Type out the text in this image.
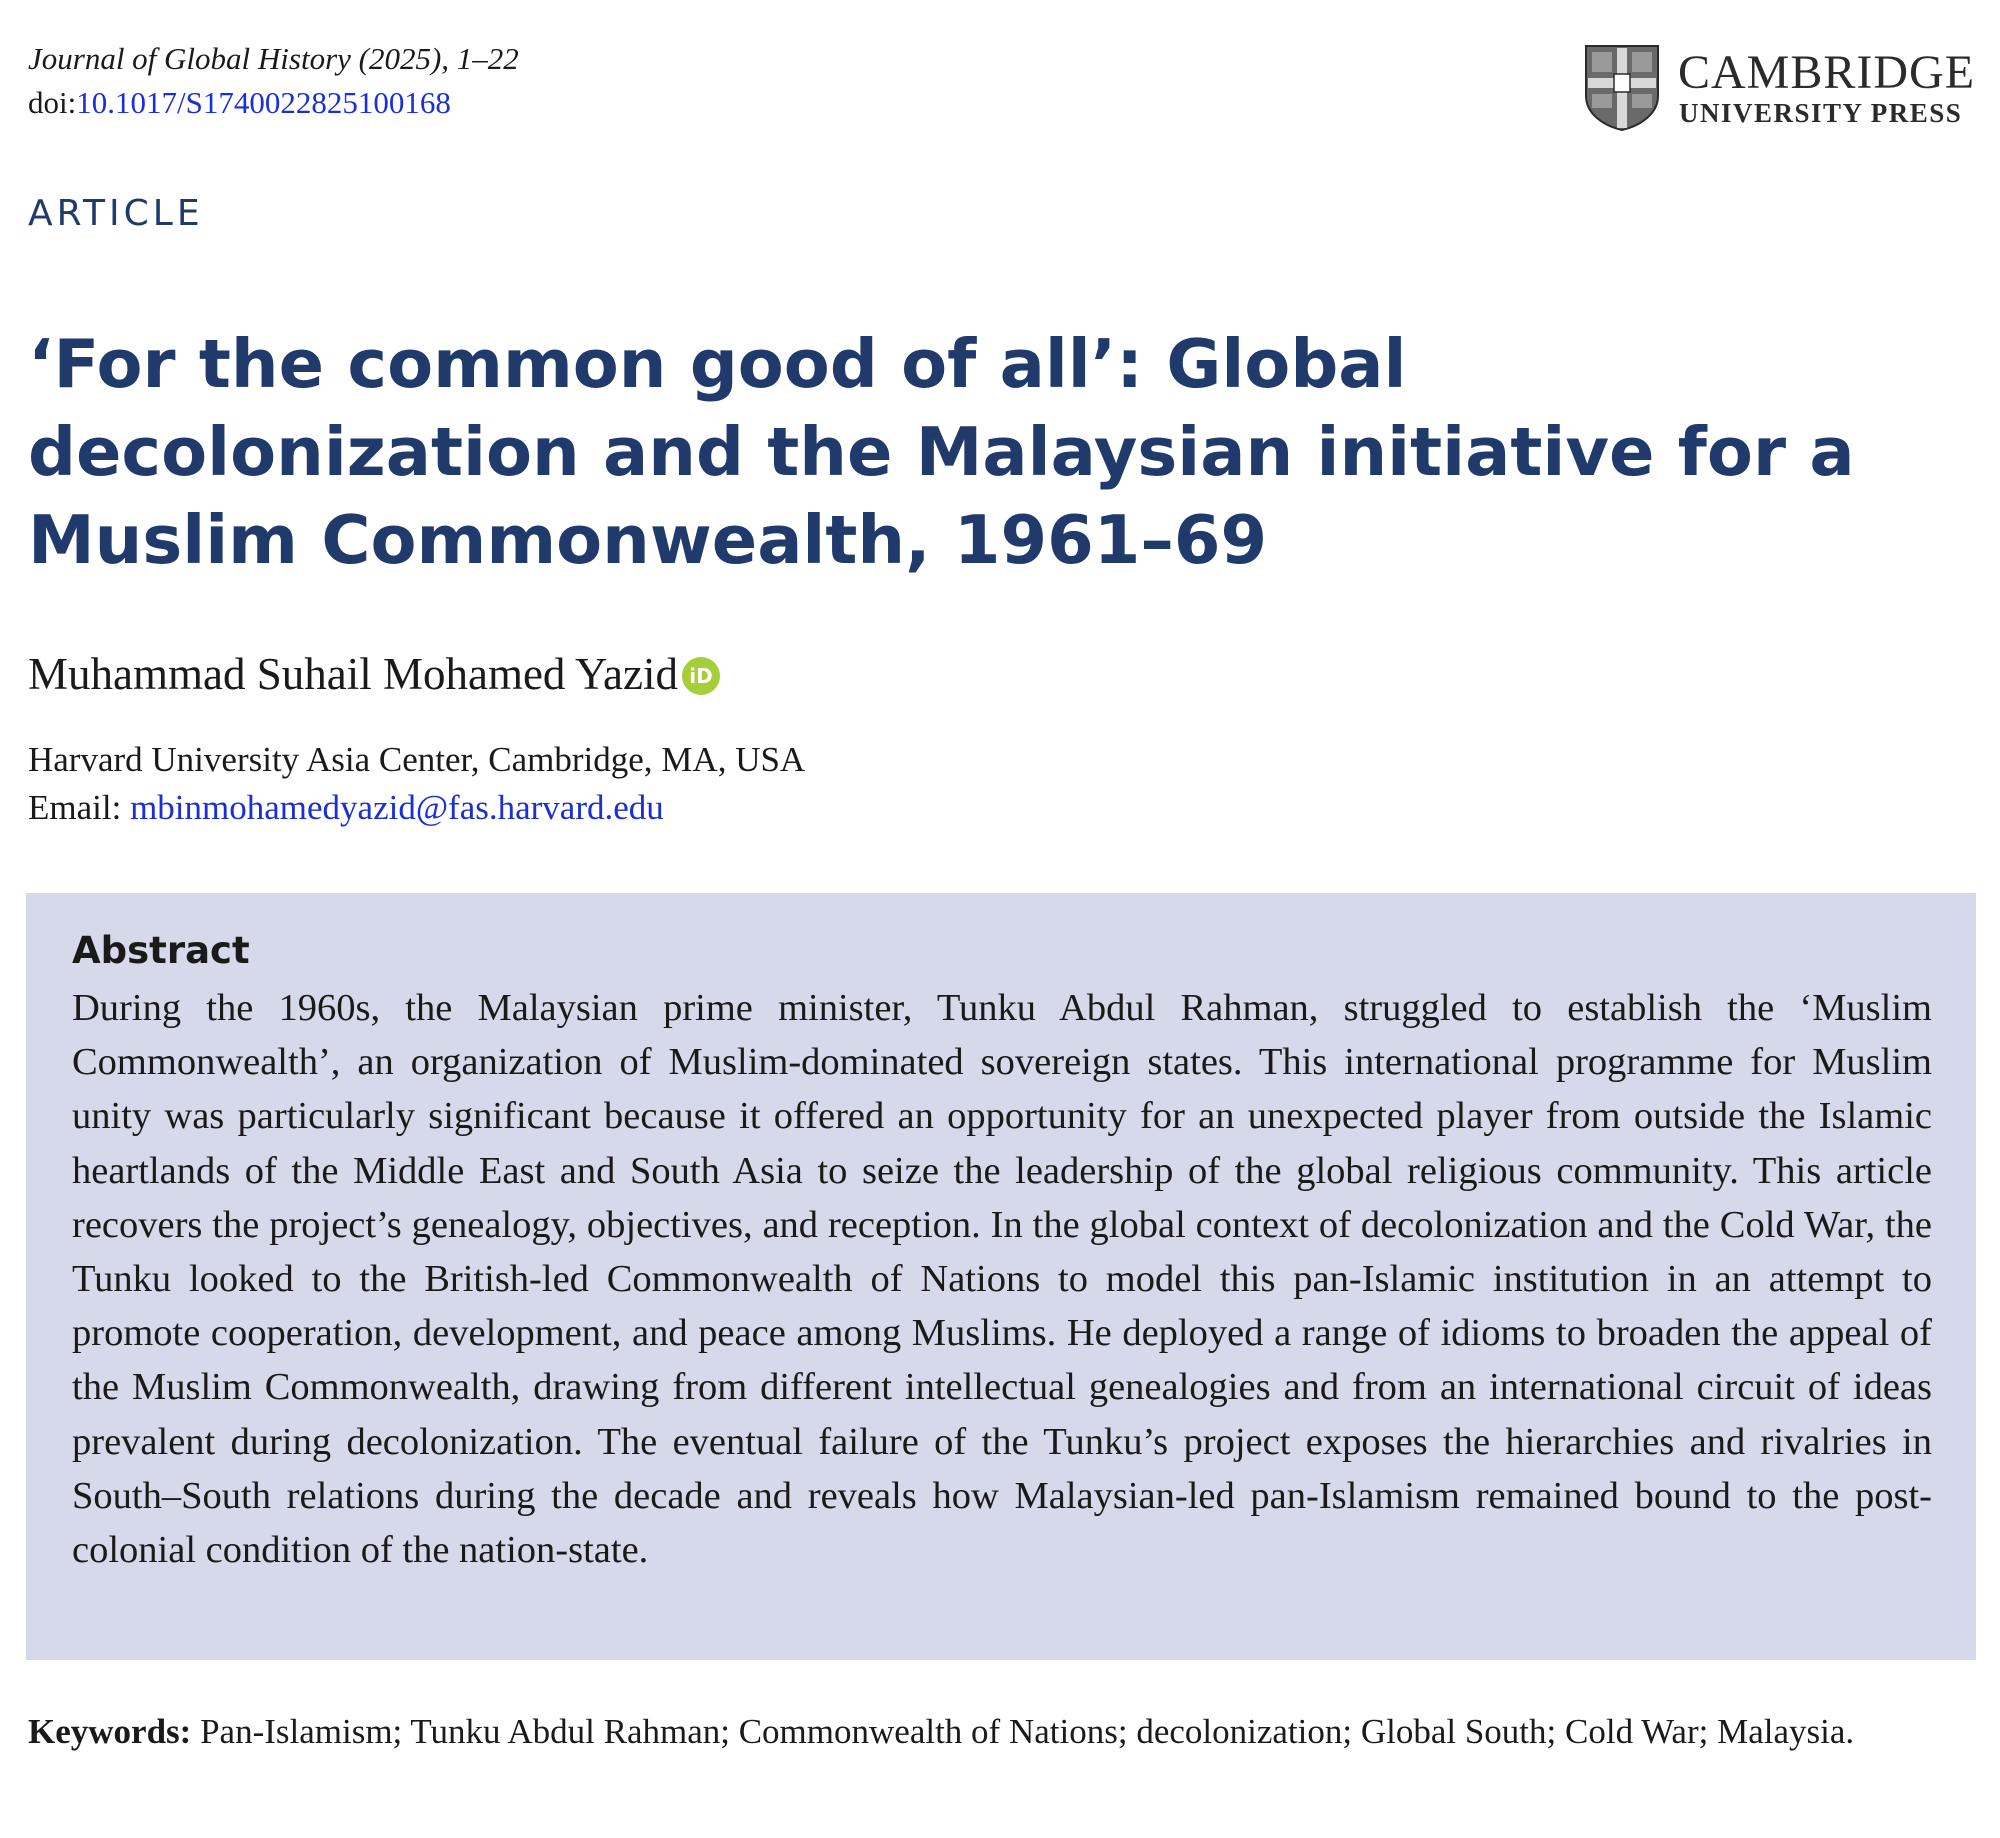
Journal of Global History (2025), 1–22
doi:10.1017/S1740022825100168
CAMBRIDGE
UNIVERSITY PRESS
ARTICLE
‘For the common good of all’: Global decolonization and the Malaysian initiative for a Muslim Commonwealth, 1961–69
Muhammad Suhail Mohamed Yazid iD
Harvard University Asia Center, Cambridge, MA, USA
Email: mbinmohamedyazid@fas.harvard.edu
Abstract

During the 1960s, the Malaysian prime minister, Tunku Abdul Rahman, struggled to establish the ‘Muslim Commonwealth’, an organization of Muslim-dominated sovereign states. This international programme for Muslim unity was particularly significant because it offered an opportunity for an unexpected player from outside the Islamic heartlands of the Middle East and South Asia to seize the leadership of the global religious community. This article recovers the project’s genealogy, objectives, and reception. In the global context of decolonization and the Cold War, the Tunku looked to the British-led Commonwealth of Nations to model this pan-Islamic institution in an attempt to promote cooperation, development, and peace among Muslims. He deployed a range of idioms to broaden the appeal of the Muslim Commonwealth, drawing from different intellectual genealogies and from an international circuit of ideas prevalent during decolonization. The eventual failure of the Tunku’s project exposes the hierarchies and rivalries in South–South relations during the decade and reveals how Malaysian-led pan-Islamism remained bound to the post-colonial condition of the nation-state.

Keywords: Pan-Islamism; Tunku Abdul Rahman; Commonwealth of Nations; decolonization; Global South; Cold War; Malaysia.
